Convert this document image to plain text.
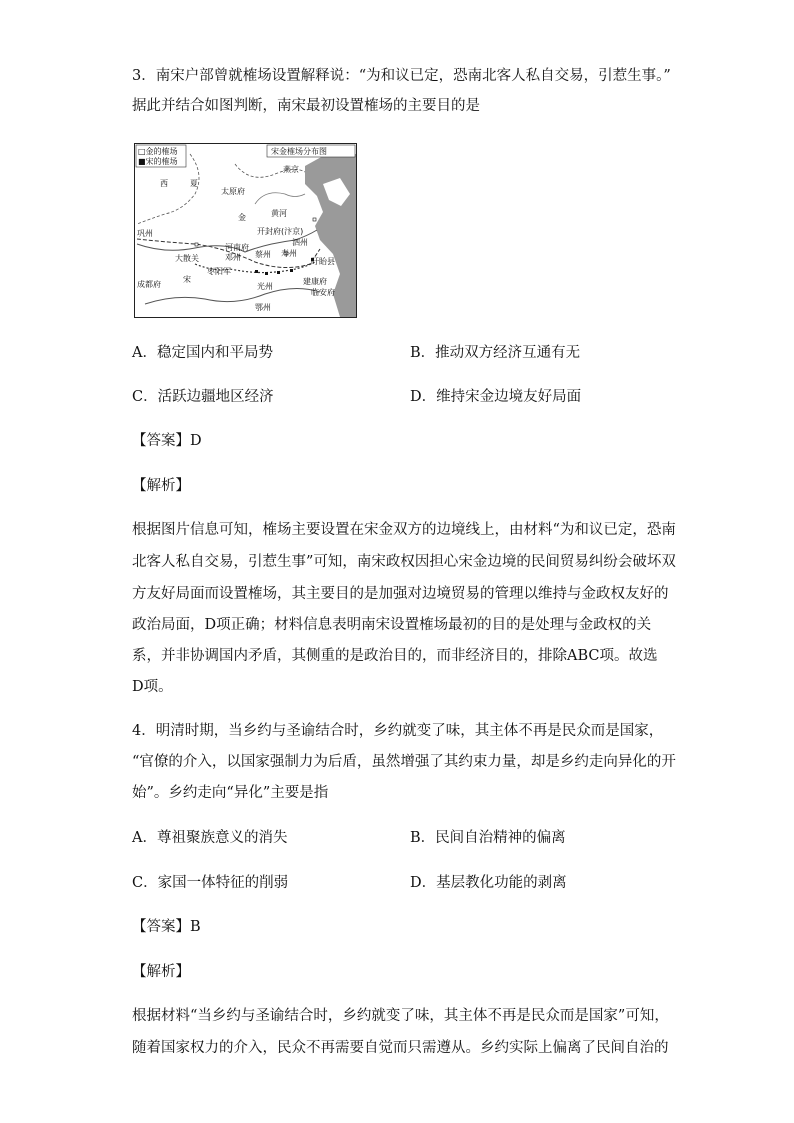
3．南宋户部曾就榷场设置解释说：“为和议已定，恐南北客人私自交易，引惹生事。”
据此并结合如图判断，南宋最初设置榷场的主要目的是
□金的榷场
■宋的榷场
宋金榷场分布图
西	夏
太原府
燕京
金	黄河
巩州	开封府(汴京)
泗州
河南府
大散关	蔡州 寿州
盱眙县
邓州
宋
枣阳军
光州
建康府
临安府
成都府
鄂州
A．稳定国内和平局势	B．推动双方经济互通有无
C．活跃边疆地区经济	D．维持宋金边境友好局面
【答案】D
【解析】
根据图片信息可知，榷场主要设置在宋金双方的边境线上，由材料“为和议已定，恐南
北客人私自交易，引惹生事”可知，南宋政权因担心宋金边境的民间贸易纠纷会破坏双
方友好局面而设置榷场，其主要目的是加强对边境贸易的管理以维持与金政权友好的
政治局面，D项正确；材料信息表明南宋设置榷场最初的目的是处理与金政权的关
系，并非协调国内矛盾，其侧重的是政治目的，而非经济目的，排除ABC项。故选
D项。
4．明清时期，当乡约与圣谕结合时，乡约就变了味，其主体不再是民众而是国家，
“官僚的介入，以国家强制力为后盾，虽然增强了其约束力量，却是乡约走向异化的开
始”。乡约走向“异化”主要是指
A．尊祖聚族意义的消失	B．民间自治精神的偏离
C．家国一体特征的削弱	D．基层教化功能的剥离
【答案】B
【解析】
根据材料“当乡约与圣谕结合时，乡约就变了味，其主体不再是民众而是国家”可知，
随着国家权力的介入，民众不再需要自觉而只需遵从。乡约实际上偏离了民间自治的
